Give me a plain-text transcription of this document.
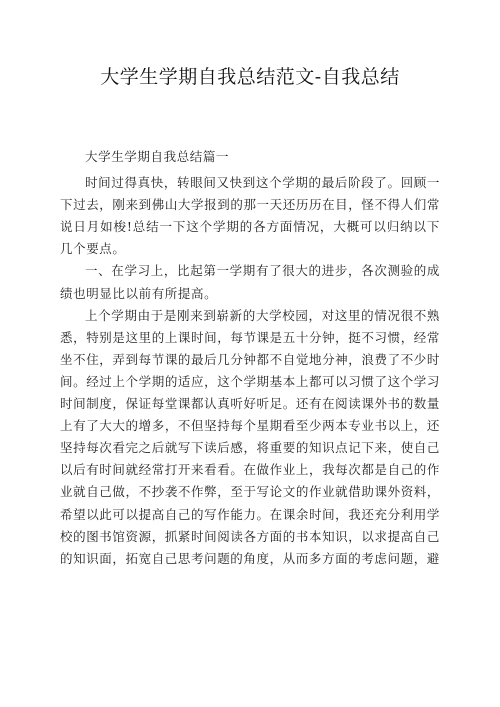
大学生学期自我总结范文-自我总结

大学生学期自我总结篇一

时间过得真快，转眼间又快到这个学期的最后阶段了。回顾一下过去，刚来到佛山大学报到的那一天还历历在目，怪不得人们常说日月如梭!总结一下这个学期的各方面情况，大概可以归纳以下几个要点。

一、在学习上，比起第一学期有了很大的进步，各次测验的成绩也明显比以前有所提高。

上个学期由于是刚来到崭新的大学校园，对这里的情况很不熟悉，特别是这里的上课时间，每节课是五十分钟，挺不习惯，经常坐不住，弄到每节课的最后几分钟都不自觉地分神，浪费了不少时间。经过上个学期的适应，这个学期基本上都可以习惯了这个学习时间制度，保证每堂课都认真听好听足。还有在阅读课外书的数量上有了大大的增多，不但坚持每个星期看至少两本专业书以上，还坚持每次看完之后就写下读后感，将重要的知识点记下来，使自己以后有时间就经常打开来看看。在做作业上，我每次都是自己的作业就自己做，不抄袭不作弊，至于写论文的作业就借助课外资料，希望以此可以提高自己的写作能力。在课余时间，我还充分利用学校的图书馆资源，抓紧时间阅读各方面的书本知识，以求提高自己的知识面，拓宽自己思考问题的角度，从而多方面的考虑问题，避
